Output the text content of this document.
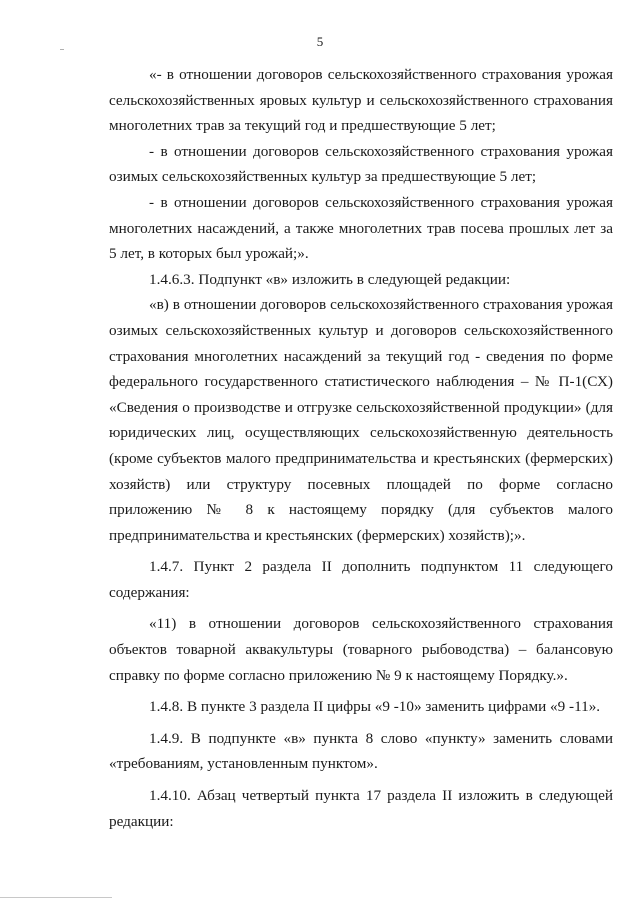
5

«- в отношении договоров сельскохозяйственного страхования урожая сельскохозяйственных яровых культур и сельскохозяйственного страхования многолетних трав за текущий год и предшествующие 5 лет;

- в отношении договоров сельскохозяйственного страхования урожая озимых сельскохозяйственных культур за предшествующие 5 лет;

- в отношении договоров сельскохозяйственного страхования урожая многолетних насаждений, а также многолетних трав посева прошлых лет за 5 лет, в которых был урожай;».

1.4.6.3. Подпункт «в» изложить в следующей редакции:

«в) в отношении договоров сельскохозяйственного страхования урожая озимых сельскохозяйственных культур и договоров сельскохозяйственного страхования многолетних насаждений за текущий год - сведения по форме федерального государственного статистического наблюдения – № П-1(СХ) «Сведения о производстве и отгрузке сельскохозяйственной продукции» (для юридических лиц, осуществляющих сельскохозяйственную деятельность (кроме субъектов малого предпринимательства и крестьянских (фермерских) хозяйств) или структуру посевных площадей по форме согласно приложению № 8 к настоящему порядку (для субъектов малого предпринимательства и крестьянских (фермерских) хозяйств);».

1.4.7. Пункт 2 раздела II дополнить подпунктом 11 следующего содержания:

«11) в отношении договоров сельскохозяйственного страхования объектов товарной аквакультуры (товарного рыбоводства) – балансовую справку по форме согласно приложению № 9 к настоящему Порядку.».

1.4.8. В пункте 3 раздела II цифры «9 -10» заменить цифрами «9 -11».

1.4.9. В подпункте «в» пункта 8 слово «пункту» заменить словами «требованиям, установленным пунктом».

1.4.10. Абзац четвертый пункта 17 раздела II изложить в следующей редакции:
